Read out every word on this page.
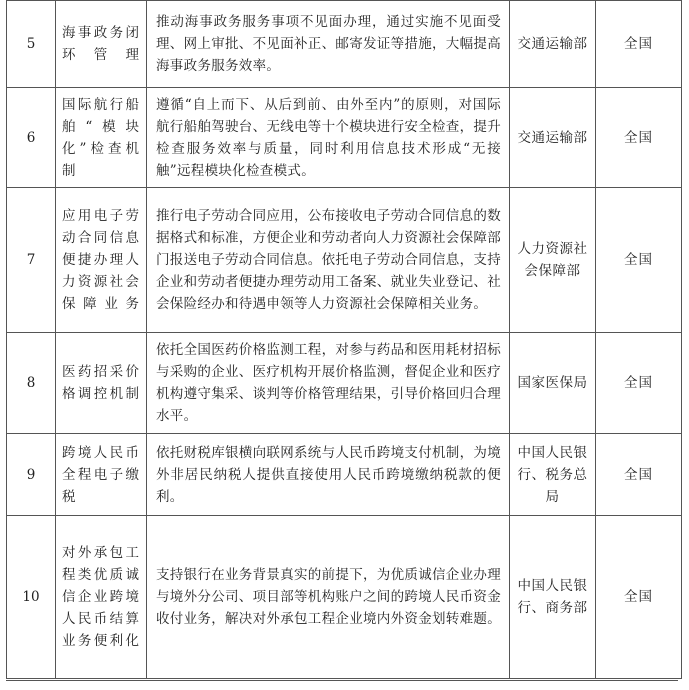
5	海事政务闭环管理	推动海事政务服务事项不见面办理，通过实施不见面受理、网上审批、不见面补正、邮寄发证等措施，大幅提高海事政务服务效率。	交通运输部	全国

6	国际航行船舶“模块化”检查机制	遵循“自上而下、从后到前、由外至内”的原则，对国际航行船舶驾驶台、无线电等十个模块进行安全检查，提升检查服务效率与质量，同时利用信息技术形成“无接触”远程模块化检查模式。	交通运输部	全国

7	应用电子劳动合同信息便捷办理人力资源社会保障业务	推行电子劳动合同应用，公布接收电子劳动合同信息的数据格式和标准，方便企业和劳动者向人力资源社会保障部门报送电子劳动合同信息。依托电子劳动合同信息，支持企业和劳动者便捷办理劳动用工备案、就业失业登记、社会保险经办和待遇申领等人力资源社会保障相关业务。	人力资源社会保障部	全国

8	医药招采价格调控机制	依托全国医药价格监测工程，对参与药品和医用耗材招标与采购的企业、医疗机构开展价格监测，督促企业和医疗机构遵守集采、谈判等价格管理结果，引导价格回归合理水平。	国家医保局	全国

9	跨境人民币全程电子缴税	依托财税库银横向联网系统与人民币跨境支付机制，为境外非居民纳税人提供直接使用人民币跨境缴纳税款的便利。	中国人民银行、税务总局	全国

10	对外承包工程类优质诚信企业跨境人民币结算业务便利化	支持银行在业务背景真实的前提下，为优质诚信企业办理与境外分公司、项目部等机构账户之间的跨境人民币资金收付业务，解决对外承包工程企业境内外资金划转难题。	中国人民银行、商务部	全国
